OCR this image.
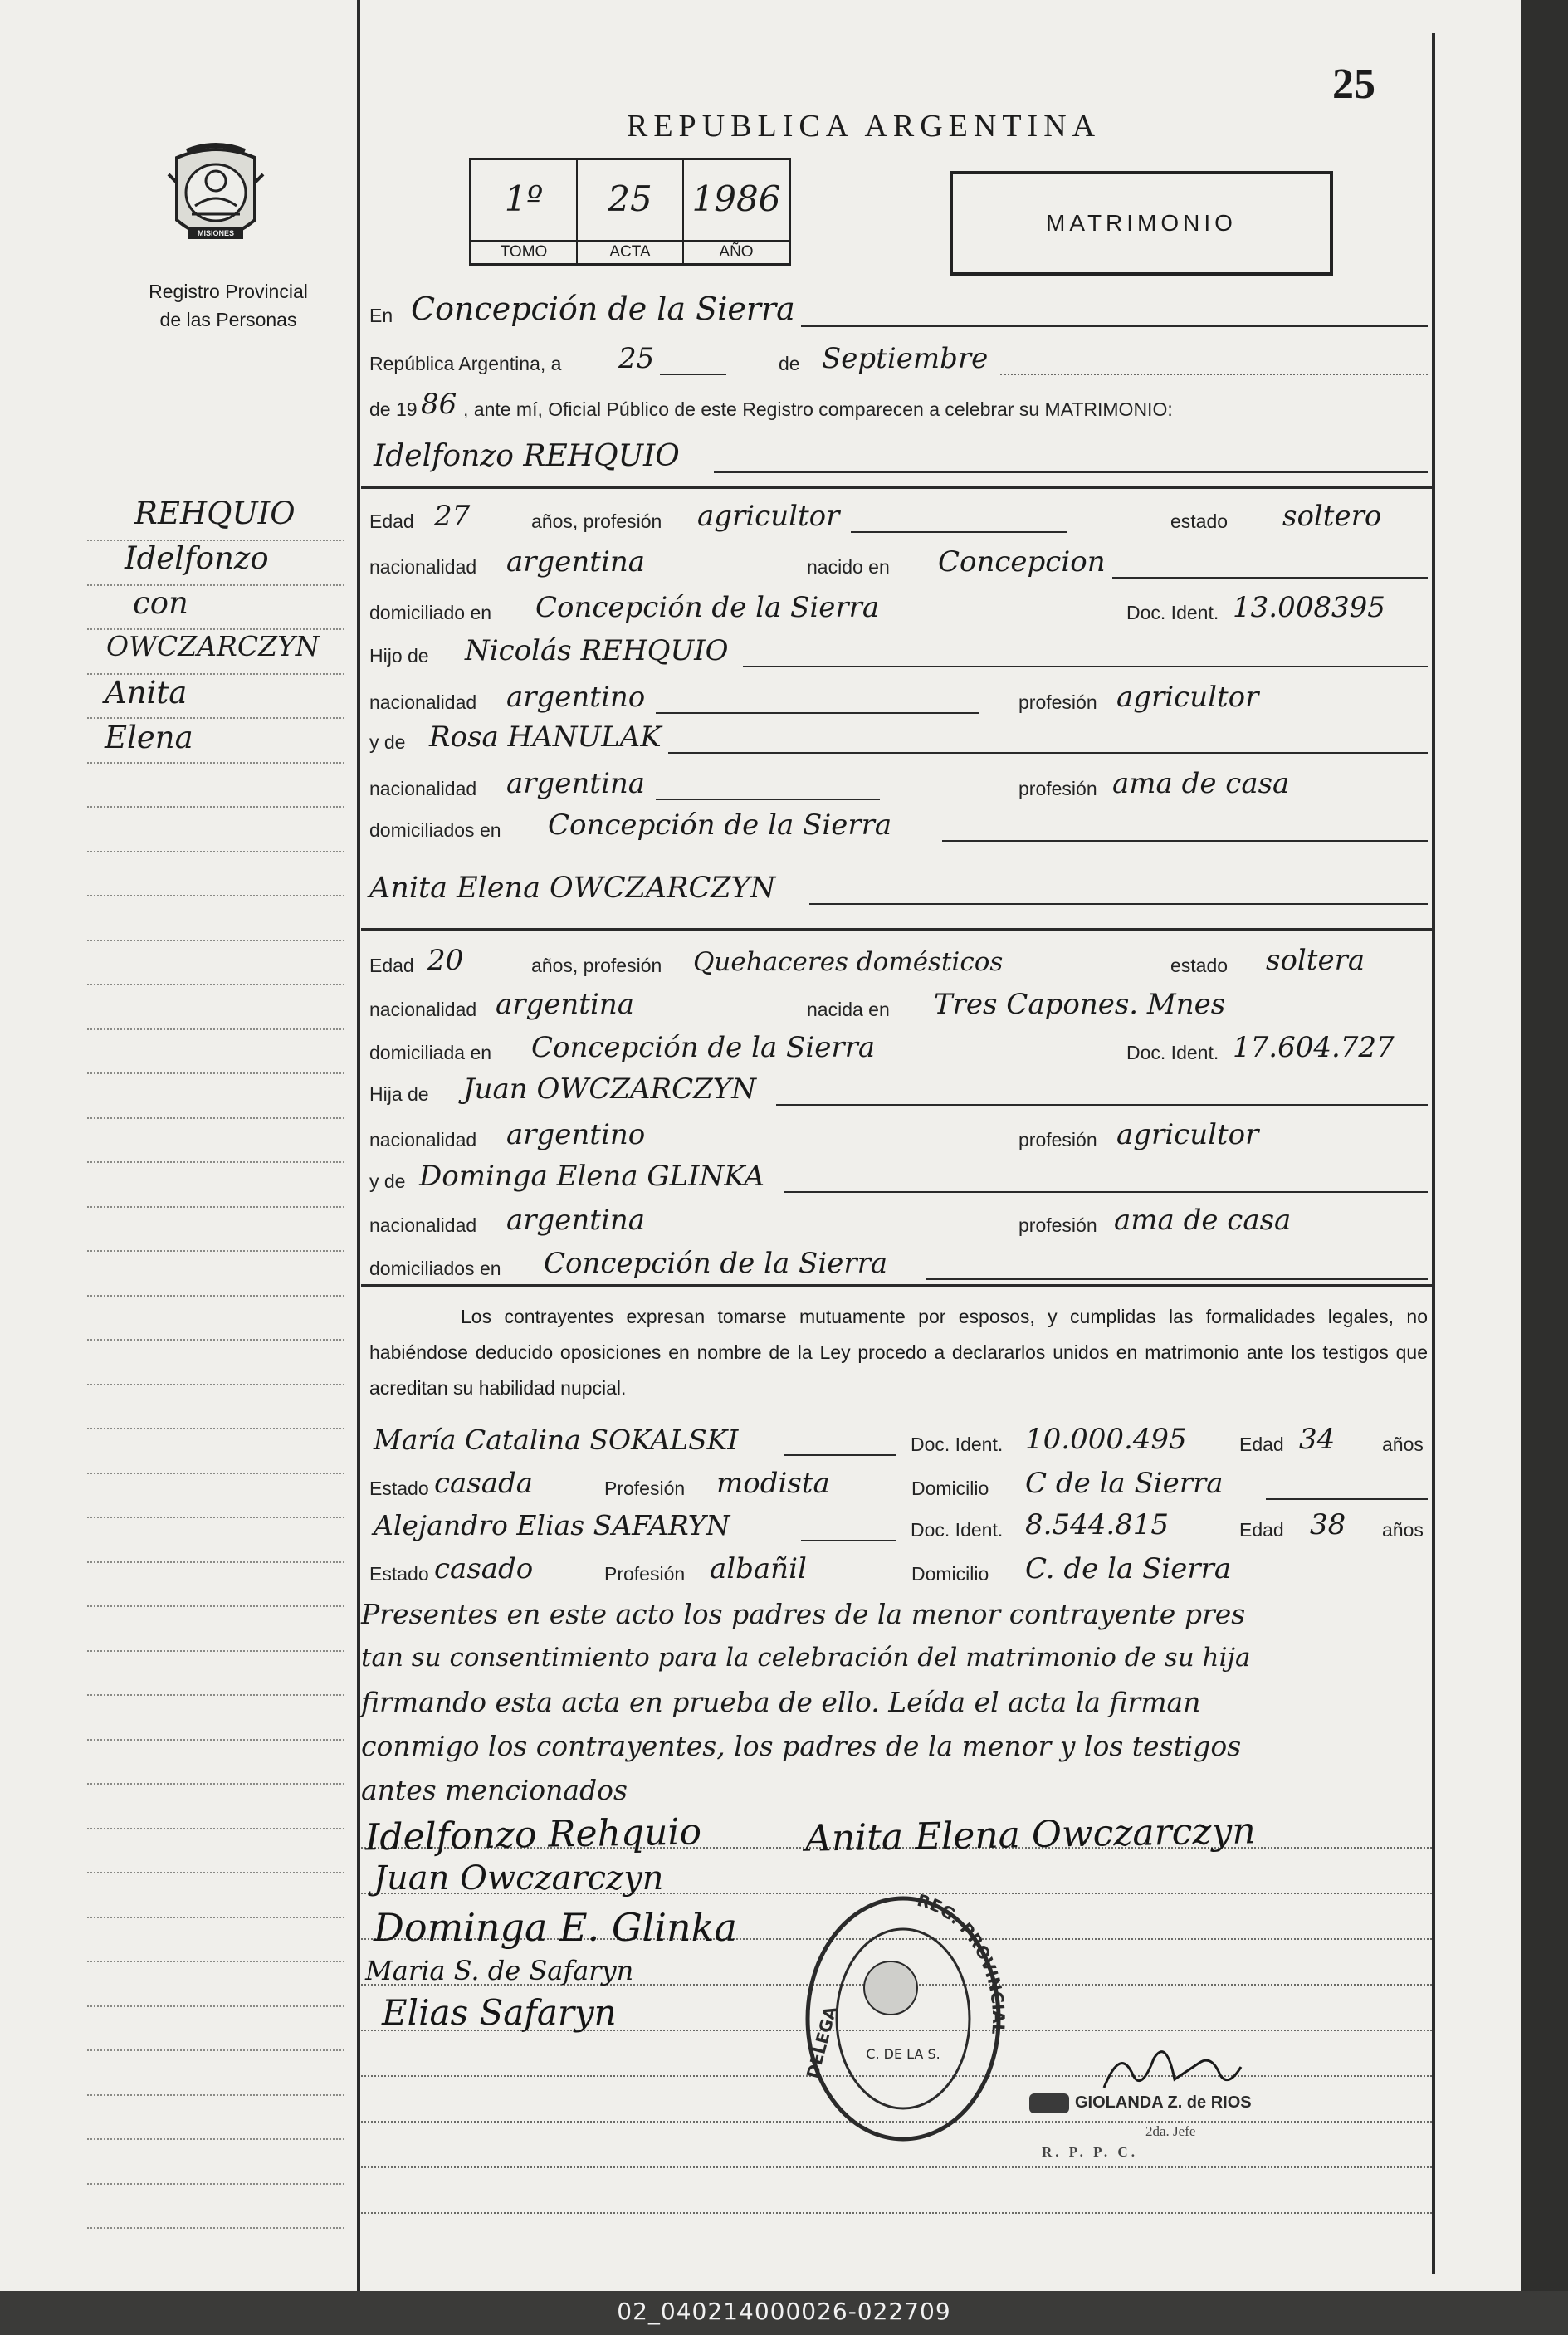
25
REPUBLICA ARGENTINA
1º
TOMO
25
ACTA
1986
AÑO
MATRIMONIO
MISIONES
Registro Provincial
de las Personas
REHQUIO
Idelfonzo
con
OWCZARCZYN
Anita
Elena
En Concepción de la Sierra
República Argentina, a 25	de Septiembre
de 19 86 , ante mí, Oficial Público de este Registro comparecen a celebrar su MATRIMONIO:
Idelfonzo REHQUIO
Edad 27	años, profesión agricultor	estado soltero
nacionalidad argentina	nacido en Concepcion
domiciliado en Concepción de la Sierra	Doc. Ident. 13.008395
Hijo de Nicolás REHQUIO
nacionalidad argentino	profesión agricultor
y de Rosa HANULAK
nacionalidad argentina	profesión ama de casa
domiciliados en Concepción de la Sierra
Anita Elena OWCZARCZYN
Edad 20	años, profesión Quehaceres domésticos	estado soltera
nacionalidad argentina	nacida en Tres Capones. Mnes
domiciliada en Concepción de la Sierra	Doc. Ident. 17.604.727
Hija de Juan OWCZARCZYN
nacionalidad argentino	profesión agricultor
y de Dominga Elena GLINKA
nacionalidad argentina	profesión ama de casa
domiciliados en Concepción de la Sierra
Los contrayentes expresan tomarse mutuamente por esposos, y cumplidas las formalidades legales, no habiéndose deducido oposiciones en nombre de la Ley procedo a declararlos unidos en matrimonio ante los testigos que acreditan su habilidad nupcial.
María Catalina SOKALSKI	Doc. Ident. 10.000.495	Edad 34 años
Estado casada	Profesión modista	Domicilio C de la Sierra
Alejandro Elias SAFARYN	Doc. Ident. 8.544.815	Edad 38 años
Estado casado	Profesión albañil	Domicilio C. de la Sierra
Presentes en este acto los padres de la menor contrayente pres
tan su consentimiento para la celebración del matrimonio de su hija
firmando esta acta en prueba de ello. Leída el acta la firman
conmigo los contrayentes, los padres de la menor y los testigos
antes mencionados
Idelfonzo Rehquio	Anita Elena Owczarczyn
Juan Owczarczyn
Dominga E. Glinka
Maria S. de Safaryn
Elias Safaryn
REG. PROVINCIAL
DELEGA C. DE LA S.
GIOLANDA Z. de RIOS
2da. Jefe
R. P. P. C.
02_040214000026-022709
